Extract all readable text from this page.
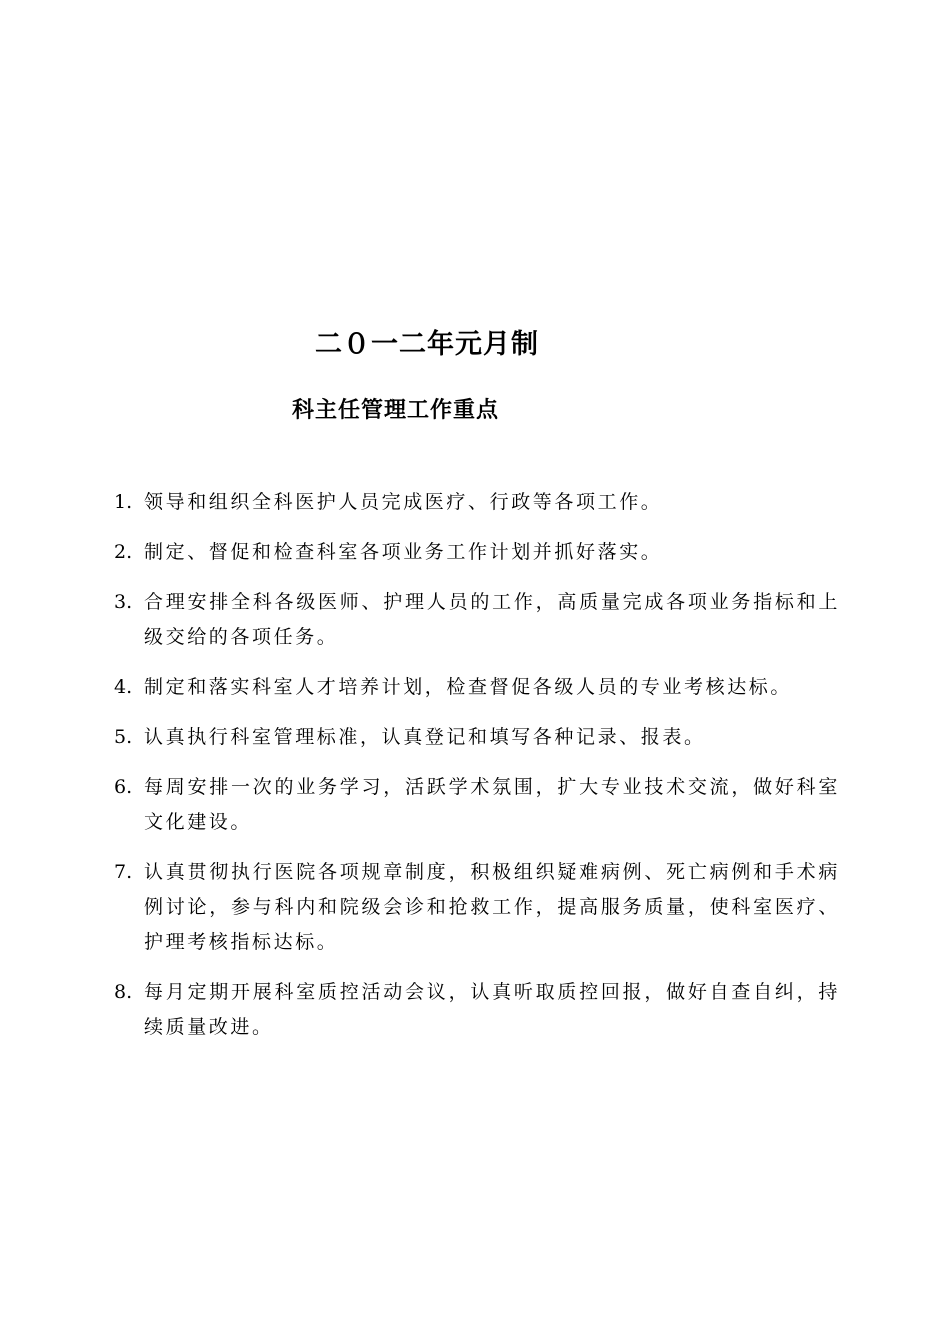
二０一二年元月制
科主任管理工作重点
1. 领导和组织全科医护人员完成医疗、行政等各项工作。
2. 制定、督促和检查科室各项业务工作计划并抓好落实。
3. 合理安排全科各级医师、护理人员的工作，高质量完成各项业务指标和上级交给的各项任务。
4. 制定和落实科室人才培养计划，检查督促各级人员的专业考核达标。
5. 认真执行科室管理标准，认真登记和填写各种记录、报表。
6. 每周安排一次的业务学习，活跃学术氛围，扩大专业技术交流，做好科室文化建设。
7. 认真贯彻执行医院各项规章制度，积极组织疑难病例、死亡病例和手术病例讨论，参与科内和院级会诊和抢救工作，提高服务质量，使科室医疗、护理考核指标达标。
8. 每月定期开展科室质控活动会议，认真听取质控回报，做好自查自纠，持续质量改进。
